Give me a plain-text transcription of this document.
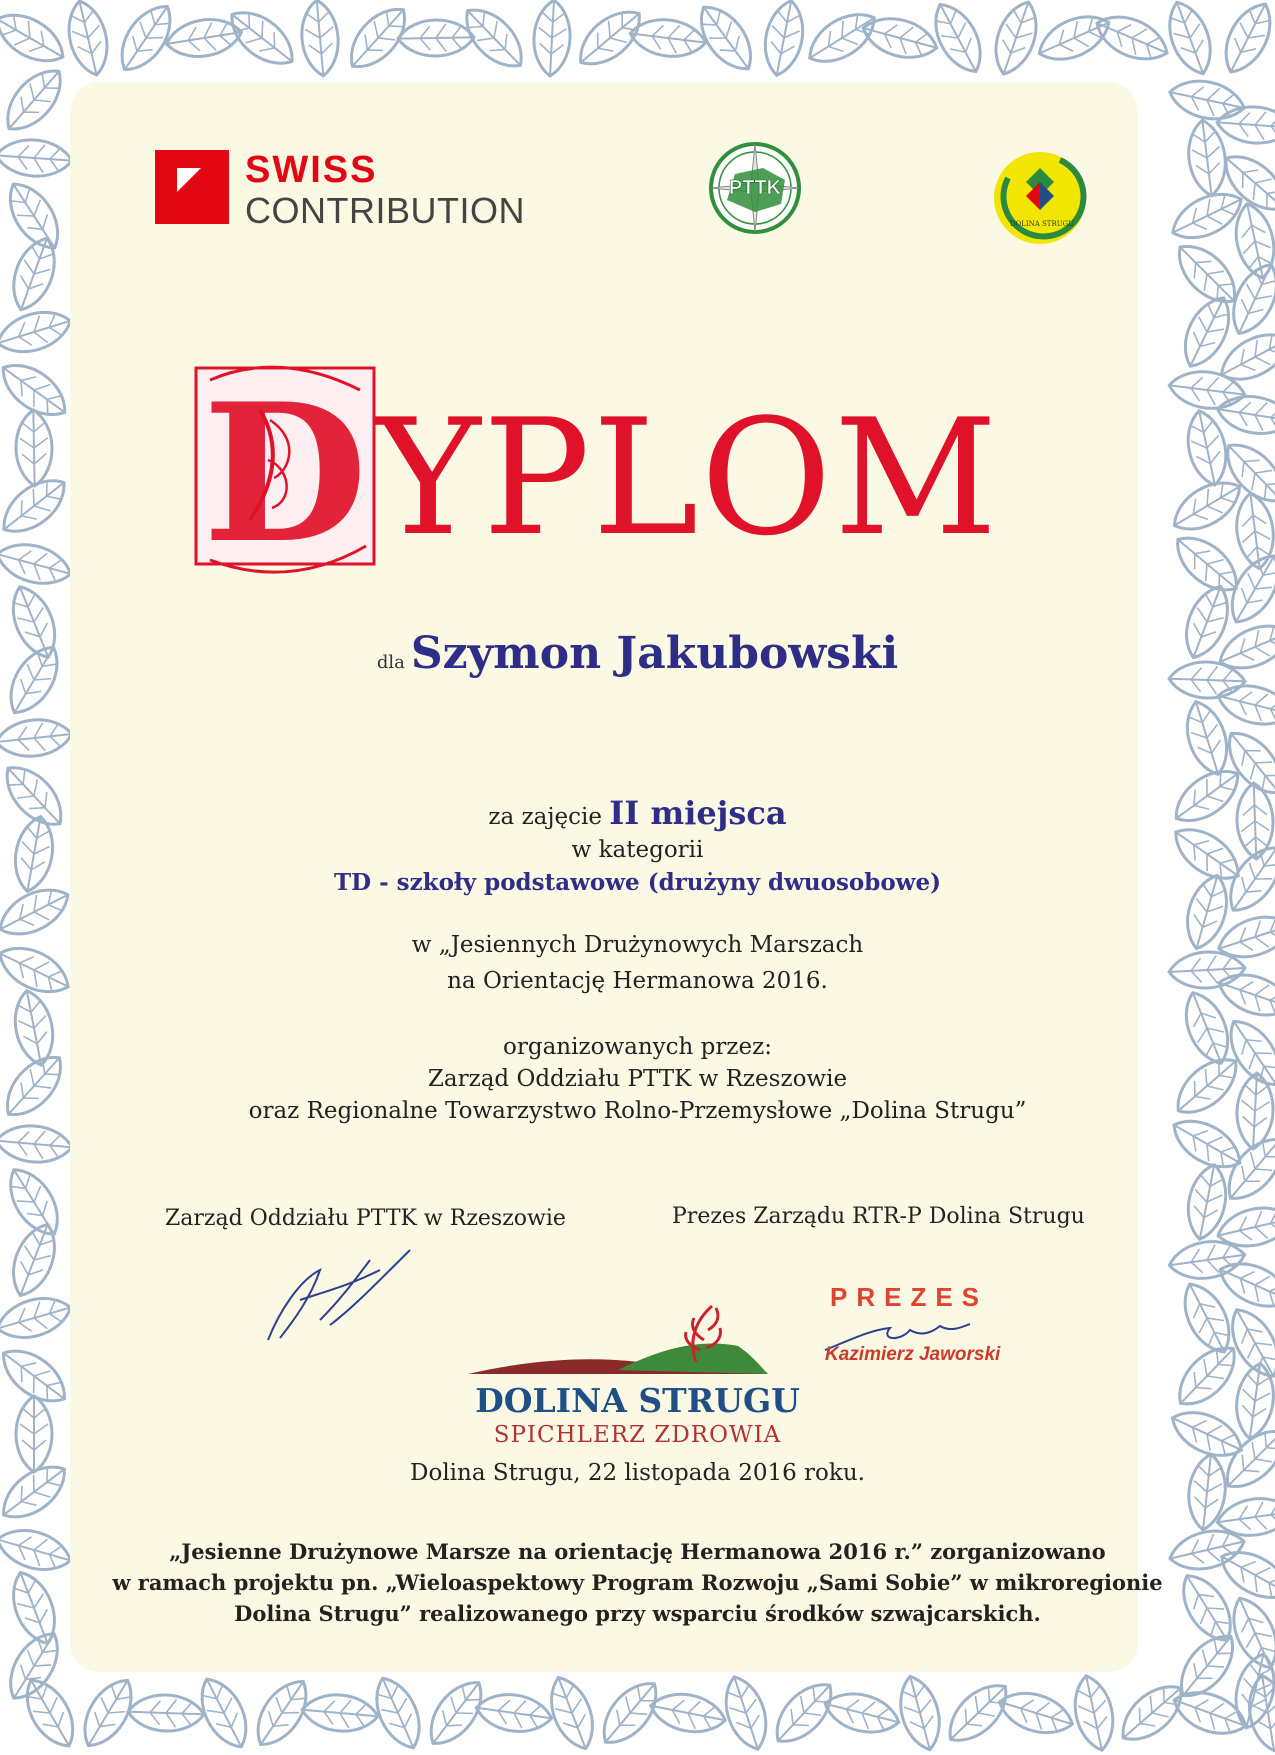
SWISS
CONTRIBUTION
PTTK
DOLINA STRUGU
D YPLOM
dla Szymon Jakubowski
za zajęcie II miejsca
w kategorii
TD - szkoły podstawowe (drużyny dwuosobowe)
w „Jesiennych Drużynowych Marszach
na Orientację Hermanowa 2016.
organizowanych przez:
Zarząd Oddziału PTTK w Rzeszowie
oraz Regionalne Towarzystwo Rolno-Przemysłowe „Dolina Strugu”
Zarząd Oddziału PTTK w Rzeszowie	Prezes Zarządu RTR-P Dolina Strugu
PREZES
Kazimierz Jaworski
DOLINA STRUGU
SPICHLERZ ZDROWIA
Dolina Strugu, 22 listopada 2016 roku.
„Jesienne Drużynowe Marsze na orientację Hermanowa 2016 r.” zorganizowano
w ramach projektu pn. „Wieloaspektowy Program Rozwoju „Sami Sobie” w mikroregionie
Dolina Strugu” realizowanego przy wsparciu środków szwajcarskich.
